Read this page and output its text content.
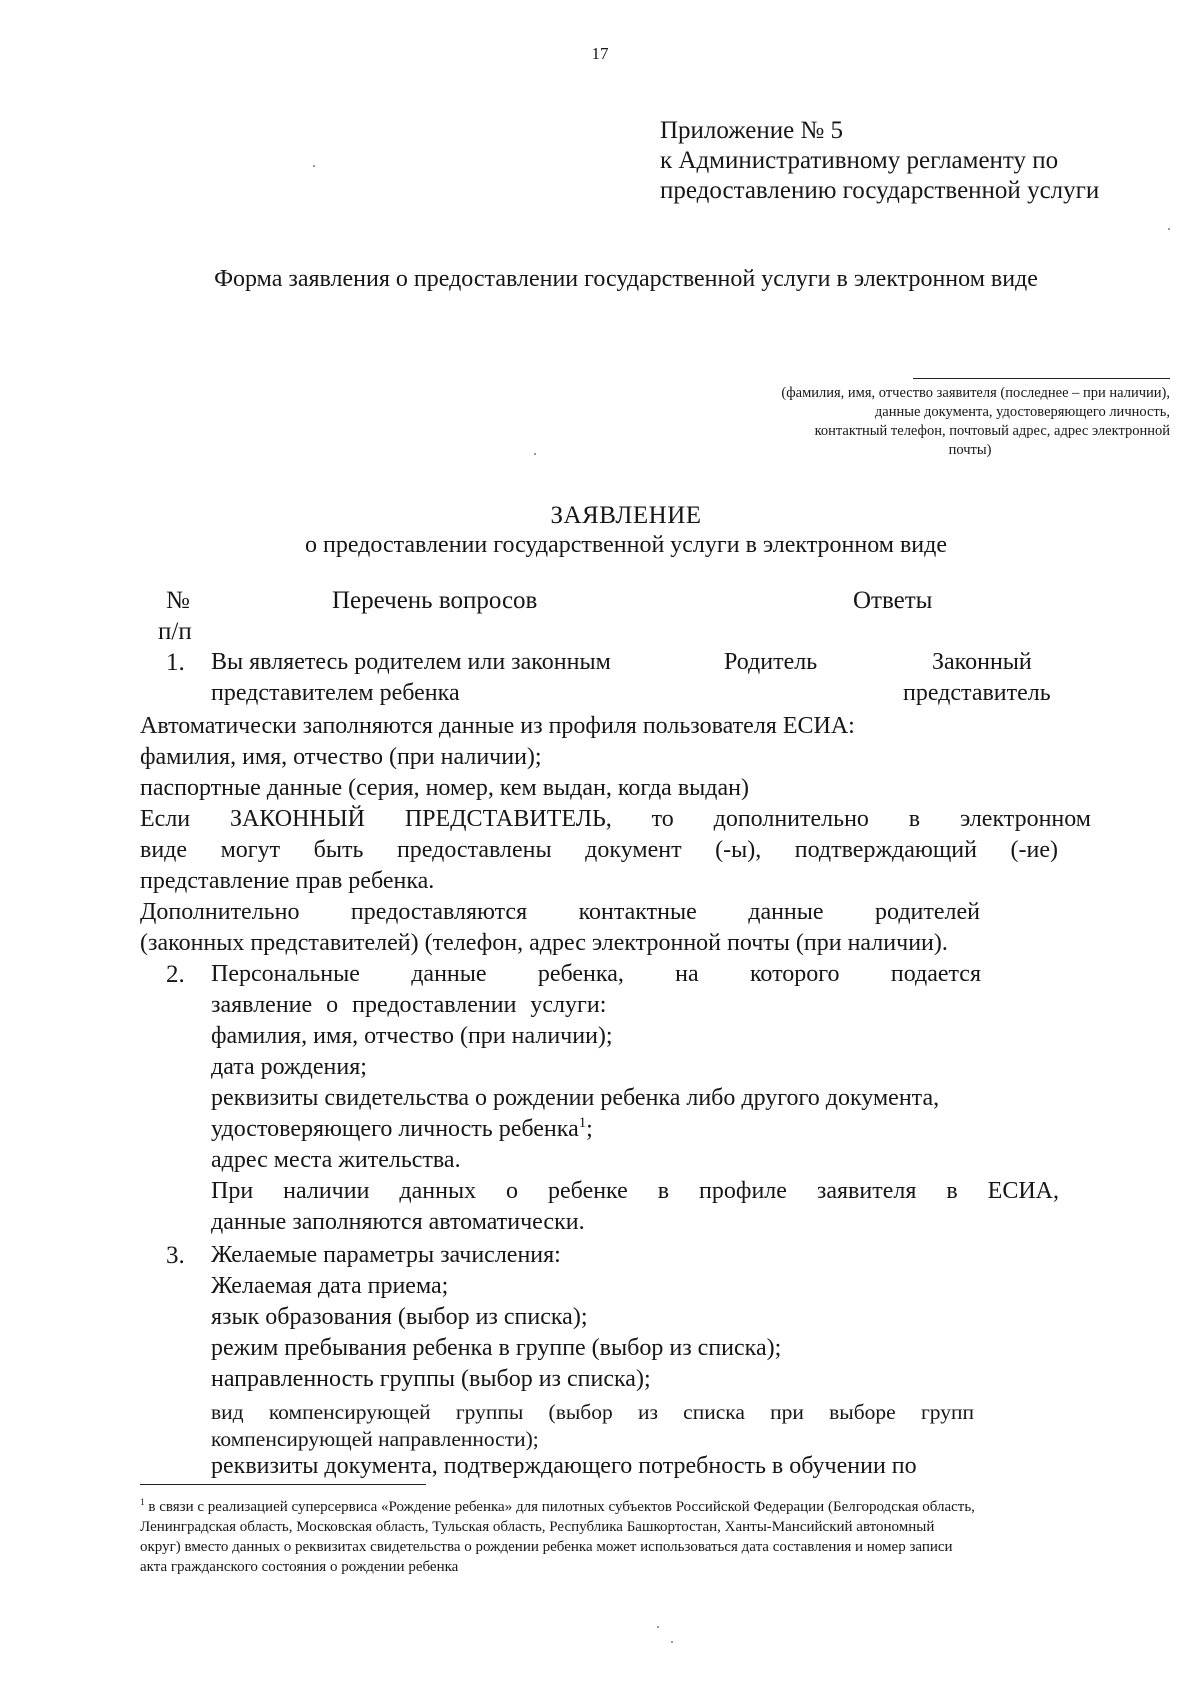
17
Приложение № 5
к Административному регламенту по
предоставлению государственной услуги
Форма заявления о предоставлении государственной услуги в электронном виде
(фамилия, имя, отчество заявителя (последнее – при наличии),
данные документа, удостоверяющего личность,
контактный телефон, почтовый адрес, адрес электронной
почты)
ЗАЯВЛЕНИЕ
о предоставлении государственной услуги в электронном виде
№
п/п
Перечень вопросов	Ответы
1. Вы являетесь родителем или законным
представителем ребенка
Родитель	Законный
представитель
Автоматически заполняются данные из профиля пользователя ЕСИА:
фамилия, имя, отчество (при наличии);
паспортные данные (серия, номер, кем выдан, когда выдан)
Если ЗАКОННЫЙ ПРЕДСТАВИТЕЛЬ, то дополнительно в электронном
виде могут быть предоставлены документ (-ы), подтверждающий (-ие)
представление прав ребенка.
Дополнительно предоставляются контактные данные родителей
(законных представителей) (телефон, адрес электронной почты (при наличии).
2. Персональные данные ребенка, на которого подается
заявление о предоставлении услуги:
фамилия, имя, отчество (при наличии);
дата рождения;
реквизиты свидетельства о рождении ребенка либо другого документа,
удостоверяющего личность ребенка$^1$;
адрес места жительства.
При наличии данных о ребенке в профиле заявителя в ЕСИА,
данные заполняются автоматически.
3. Желаемые параметры зачисления:
Желаемая дата приема;
язык образования (выбор из списка);
режим пребывания ребенка в группе (выбор из списка);
направленность группы (выбор из списка);
вид компенсирующей группы (выбор из списка при выборе групп
компенсирующей направленности);
реквизиты документа, подтверждающего потребность в обучении по
$^1$ в связи с реализацией суперсервиса «Рождение ребенка» для пилотных субъектов Российской Федерации (Белгородская область,
Ленинградская область, Московская область, Тульская область, Республика Башкортостан, Ханты-Мансийский автономный
округ) вместо данных о реквизитах свидетельства о рождении ребенка может использоваться дата составления и номер записи
акта гражданского состояния о рождении ребенка
